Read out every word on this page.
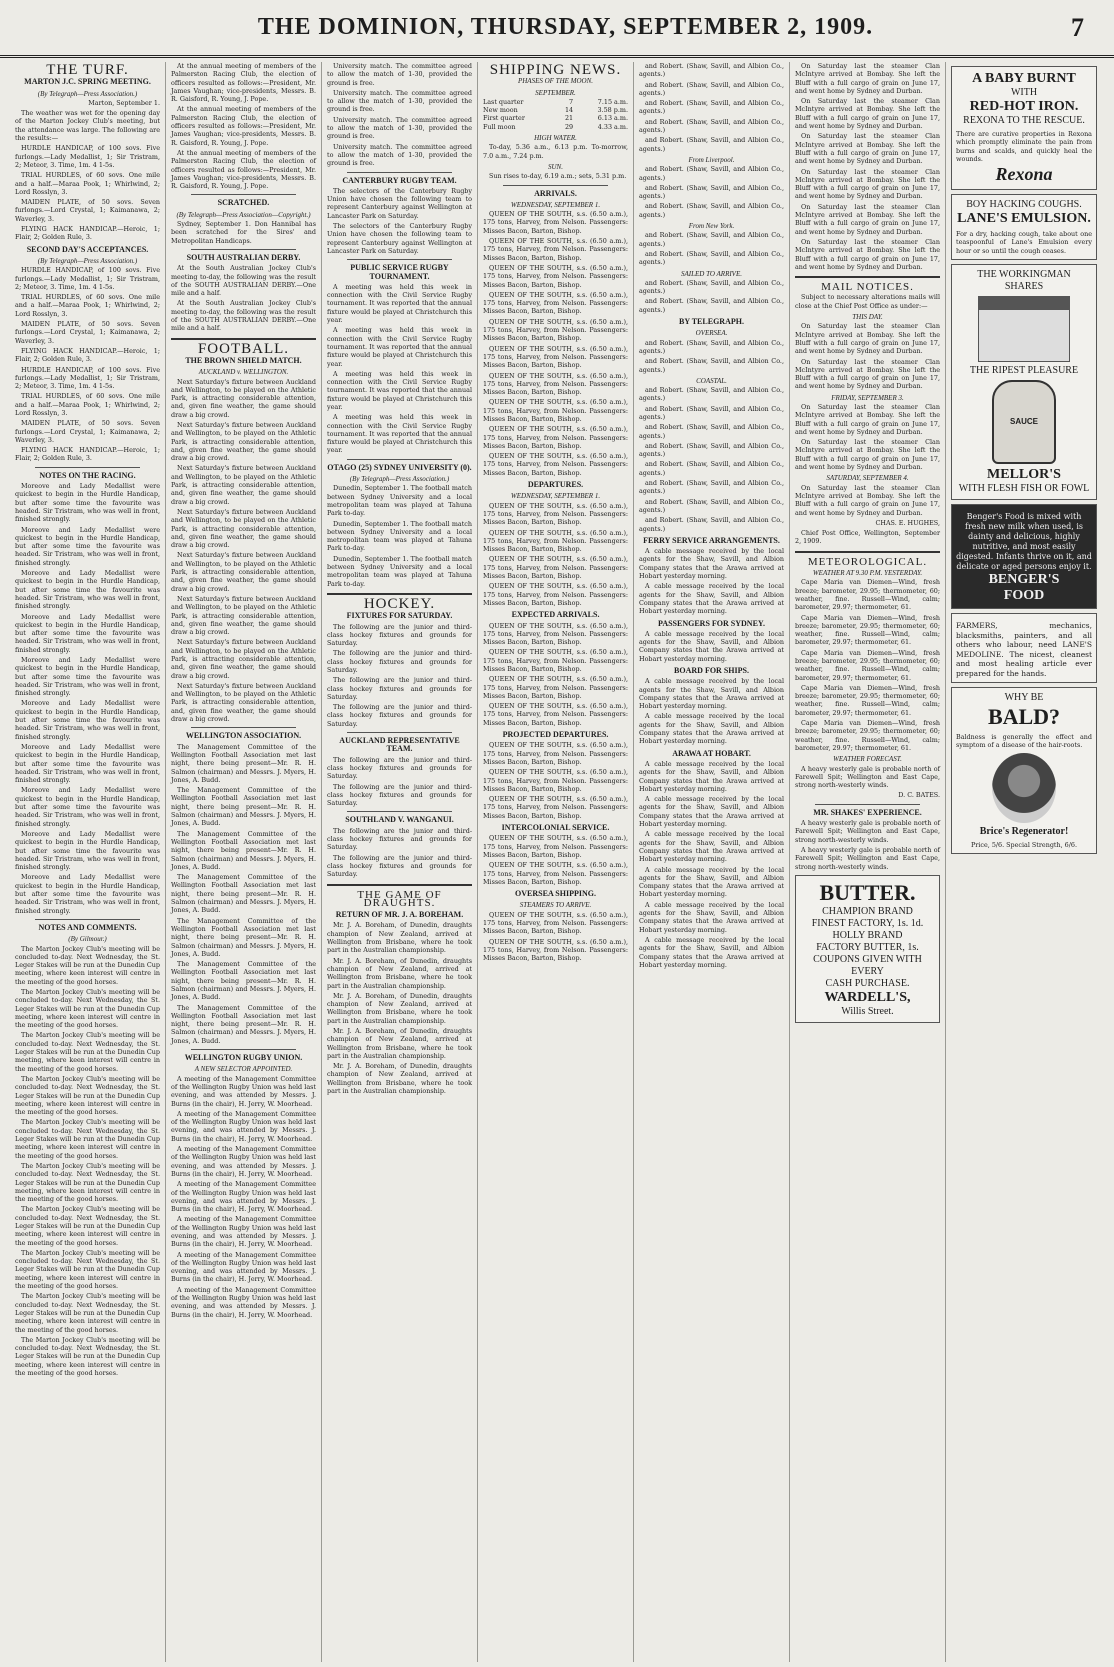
THE DOMINION, THURSDAY, SEPTEMBER 2, 1909.	7
THE TURF.
MARTON J.C. SPRING MEETING.
(By Telegraph—Press Association.)

Marton, September 1.

The weather was wet for the opening day of the Marton Jockey Club's meeting, but the attendance was large. The following are the results:—

HURDLE HANDICAP, of 100 sovs. Five furlongs.—Lady Medallist, 1; Sir Tristram, 2; Meteor, 3. Time, 1m. 4 1-5s.

TRIAL HURDLES, of 60 sovs. One mile and a half.—Maraa Pook, 1; Whirlwind, 2; Lord Rosslyn, 3.

MAIDEN PLATE, of 50 sovs. Seven furlongs.—Lord Crystal, 1; Kaimanawa, 2; Waverley, 3.

FLYING HACK HANDICAP.—Heroic, 1; Flair, 2; Golden Rule, 3.

SECOND DAY'S ACCEPTANCES.
(By Telegraph—Press Association.)

HURDLE HANDICAP, of 100 sovs. Five furlongs.—Lady Medallist, 1; Sir Tristram, 2; Meteor, 3. Time, 1m. 4 1-5s.

TRIAL HURDLES, of 60 sovs. One mile and a half.—Maraa Pook, 1; Whirlwind, 2; Lord Rosslyn, 3.

MAIDEN PLATE, of 50 sovs. Seven furlongs.—Lord Crystal, 1; Kaimanawa, 2; Waverley, 3.

FLYING HACK HANDICAP.—Heroic, 1; Flair, 2; Golden Rule, 3.

HURDLE HANDICAP, of 100 sovs. Five furlongs.—Lady Medallist, 1; Sir Tristram, 2; Meteor, 3. Time, 1m. 4 1-5s.

TRIAL HURDLES, of 60 sovs. One mile and a half.—Maraa Pook, 1; Whirlwind, 2; Lord Rosslyn, 3.

MAIDEN PLATE, of 50 sovs. Seven furlongs.—Lord Crystal, 1; Kaimanawa, 2; Waverley, 3.

FLYING HACK HANDICAP.—Heroic, 1; Flair, 2; Golden Rule, 3.

NOTES ON THE RACING.

Moreove and Lady Medallist were quickest to begin in the Hurdle Handicap, but after some time the favourite was headed. Sir Tristram, who was well in front, finished strongly.

Moreove and Lady Medallist were quickest to begin in the Hurdle Handicap, but after some time the favourite was headed. Sir Tristram, who was well in front, finished strongly.

Moreove and Lady Medallist were quickest to begin in the Hurdle Handicap, but after some time the favourite was headed. Sir Tristram, who was well in front, finished strongly.

Moreove and Lady Medallist were quickest to begin in the Hurdle Handicap, but after some time the favourite was headed. Sir Tristram, who was well in front, finished strongly.

Moreove and Lady Medallist were quickest to begin in the Hurdle Handicap, but after some time the favourite was headed. Sir Tristram, who was well in front, finished strongly.

Moreove and Lady Medallist were quickest to begin in the Hurdle Handicap, but after some time the favourite was headed. Sir Tristram, who was well in front, finished strongly.

Moreove and Lady Medallist were quickest to begin in the Hurdle Handicap, but after some time the favourite was headed. Sir Tristram, who was well in front, finished strongly.

Moreove and Lady Medallist were quickest to begin in the Hurdle Handicap, but after some time the favourite was headed. Sir Tristram, who was well in front, finished strongly.

Moreove and Lady Medallist were quickest to begin in the Hurdle Handicap, but after some time the favourite was headed. Sir Tristram, who was well in front, finished strongly.

Moreove and Lady Medallist were quickest to begin in the Hurdle Handicap, but after some time the favourite was headed. Sir Tristram, who was well in front, finished strongly.

NOTES AND COMMENTS.
(By Gilmour.)

The Marton Jockey Club's meeting will be concluded to-day. Next Wednesday, the St. Leger Stakes will be run at the Dunedin Cup meeting, where keen interest will centre in the meeting of the good horses.

The Marton Jockey Club's meeting will be concluded to-day. Next Wednesday, the St. Leger Stakes will be run at the Dunedin Cup meeting, where keen interest will centre in the meeting of the good horses.

The Marton Jockey Club's meeting will be concluded to-day. Next Wednesday, the St. Leger Stakes will be run at the Dunedin Cup meeting, where keen interest will centre in the meeting of the good horses.

The Marton Jockey Club's meeting will be concluded to-day. Next Wednesday, the St. Leger Stakes will be run at the Dunedin Cup meeting, where keen interest will centre in the meeting of the good horses.

The Marton Jockey Club's meeting will be concluded to-day. Next Wednesday, the St. Leger Stakes will be run at the Dunedin Cup meeting, where keen interest will centre in the meeting of the good horses.

The Marton Jockey Club's meeting will be concluded to-day. Next Wednesday, the St. Leger Stakes will be run at the Dunedin Cup meeting, where keen interest will centre in the meeting of the good horses.

The Marton Jockey Club's meeting will be concluded to-day. Next Wednesday, the St. Leger Stakes will be run at the Dunedin Cup meeting, where keen interest will centre in the meeting of the good horses.

The Marton Jockey Club's meeting will be concluded to-day. Next Wednesday, the St. Leger Stakes will be run at the Dunedin Cup meeting, where keen interest will centre in the meeting of the good horses.

The Marton Jockey Club's meeting will be concluded to-day. Next Wednesday, the St. Leger Stakes will be run at the Dunedin Cup meeting, where keen interest will centre in the meeting of the good horses.

The Marton Jockey Club's meeting will be concluded to-day. Next Wednesday, the St. Leger Stakes will be run at the Dunedin Cup meeting, where keen interest will centre in the meeting of the good horses.

At the annual meeting of members of the Palmerston Racing Club, the election of officers resulted as follows:—President, Mr. James Vaughan; vice-presidents, Messrs. B. R. Gaisford, R. Young, J. Pope.

At the annual meeting of members of the Palmerston Racing Club, the election of officers resulted as follows:—President, Mr. James Vaughan; vice-presidents, Messrs. B. R. Gaisford, R. Young, J. Pope.

At the annual meeting of members of the Palmerston Racing Club, the election of officers resulted as follows:—President, Mr. James Vaughan; vice-presidents, Messrs. B. R. Gaisford, R. Young, J. Pope.

SCRATCHED.
(By Telegraph—Press Association—Copyright.)

Sydney, September 1. Don Hannibal has been scratched for the Sires' and Metropolitan Handicaps.

SOUTH AUSTRALIAN DERBY.

At the South Australian Jockey Club's meeting to-day, the following was the result of the SOUTH AUSTRALIAN DERBY.—One mile and a half.

At the South Australian Jockey Club's meeting to-day, the following was the result of the SOUTH AUSTRALIAN DERBY.—One mile and a half.

FOOTBALL.
THE BROWN SHIELD MATCH.
AUCKLAND v. WELLINGTON.

Next Saturday's fixture between Auckland and Wellington, to be played on the Athletic Park, is attracting considerable attention, and, given fine weather, the game should draw a big crowd.

Next Saturday's fixture between Auckland and Wellington, to be played on the Athletic Park, is attracting considerable attention, and, given fine weather, the game should draw a big crowd.

Next Saturday's fixture between Auckland and Wellington, to be played on the Athletic Park, is attracting considerable attention, and, given fine weather, the game should draw a big crowd.

Next Saturday's fixture between Auckland and Wellington, to be played on the Athletic Park, is attracting considerable attention, and, given fine weather, the game should draw a big crowd.

Next Saturday's fixture between Auckland and Wellington, to be played on the Athletic Park, is attracting considerable attention, and, given fine weather, the game should draw a big crowd.

Next Saturday's fixture between Auckland and Wellington, to be played on the Athletic Park, is attracting considerable attention, and, given fine weather, the game should draw a big crowd.

Next Saturday's fixture between Auckland and Wellington, to be played on the Athletic Park, is attracting considerable attention, and, given fine weather, the game should draw a big crowd.

Next Saturday's fixture between Auckland and Wellington, to be played on the Athletic Park, is attracting considerable attention, and, given fine weather, the game should draw a big crowd.

WELLINGTON ASSOCIATION.

The Management Committee of the Wellington Football Association met last night, there being present—Mr. R. H. Salmon (chairman) and Messrs. J. Myers, H. Jones, A. Budd.

The Management Committee of the Wellington Football Association met last night, there being present—Mr. R. H. Salmon (chairman) and Messrs. J. Myers, H. Jones, A. Budd.

The Management Committee of the Wellington Football Association met last night, there being present—Mr. R. H. Salmon (chairman) and Messrs. J. Myers, H. Jones, A. Budd.

The Management Committee of the Wellington Football Association met last night, there being present—Mr. R. H. Salmon (chairman) and Messrs. J. Myers, H. Jones, A. Budd.

The Management Committee of the Wellington Football Association met last night, there being present—Mr. R. H. Salmon (chairman) and Messrs. J. Myers, H. Jones, A. Budd.

The Management Committee of the Wellington Football Association met last night, there being present—Mr. R. H. Salmon (chairman) and Messrs. J. Myers, H. Jones, A. Budd.

The Management Committee of the Wellington Football Association met last night, there being present—Mr. R. H. Salmon (chairman) and Messrs. J. Myers, H. Jones, A. Budd.

WELLINGTON RUGBY UNION.
A NEW SELECTOR APPOINTED.

A meeting of the Management Committee of the Wellington Rugby Union was held last evening, and was attended by Messrs. J. Burns (in the chair), H. Jerry, W. Moorhead.

A meeting of the Management Committee of the Wellington Rugby Union was held last evening, and was attended by Messrs. J. Burns (in the chair), H. Jerry, W. Moorhead.

A meeting of the Management Committee of the Wellington Rugby Union was held last evening, and was attended by Messrs. J. Burns (in the chair), H. Jerry, W. Moorhead.

A meeting of the Management Committee of the Wellington Rugby Union was held last evening, and was attended by Messrs. J. Burns (in the chair), H. Jerry, W. Moorhead.

A meeting of the Management Committee of the Wellington Rugby Union was held last evening, and was attended by Messrs. J. Burns (in the chair), H. Jerry, W. Moorhead.

A meeting of the Management Committee of the Wellington Rugby Union was held last evening, and was attended by Messrs. J. Burns (in the chair), H. Jerry, W. Moorhead.

A meeting of the Management Committee of the Wellington Rugby Union was held last evening, and was attended by Messrs. J. Burns (in the chair), H. Jerry, W. Moorhead.

University match. The committee agreed to allow the match of 1-30, provided the ground is free.

University match. The committee agreed to allow the match of 1-30, provided the ground is free.

University match. The committee agreed to allow the match of 1-30, provided the ground is free.

University match. The committee agreed to allow the match of 1-30, provided the ground is free.

CANTERBURY RUGBY TEAM.

The selectors of the Canterbury Rugby Union have chosen the following team to represent Canterbury against Wellington at Lancaster Park on Saturday.

The selectors of the Canterbury Rugby Union have chosen the following team to represent Canterbury against Wellington at Lancaster Park on Saturday.

PUBLIC SERVICE RUGBY TOURNAMENT.

A meeting was held this week in connection with the Civil Service Rugby tournament. It was reported that the annual fixture would be played at Christchurch this year.

A meeting was held this week in connection with the Civil Service Rugby tournament. It was reported that the annual fixture would be played at Christchurch this year.

A meeting was held this week in connection with the Civil Service Rugby tournament. It was reported that the annual fixture would be played at Christchurch this year.

A meeting was held this week in connection with the Civil Service Rugby tournament. It was reported that the annual fixture would be played at Christchurch this year.

OTAGO (25) SYDNEY UNIVERSITY (0).
(By Telegraph—Press Association.)

Dunedin, September 1. The football match between Sydney University and a local metropolitan team was played at Tahuna Park to-day.

Dunedin, September 1. The football match between Sydney University and a local metropolitan team was played at Tahuna Park to-day.

Dunedin, September 1. The football match between Sydney University and a local metropolitan team was played at Tahuna Park to-day.

HOCKEY.
FIXTURES FOR SATURDAY.

The following are the junior and third-class hockey fixtures and grounds for Saturday.

The following are the junior and third-class hockey fixtures and grounds for Saturday.

The following are the junior and third-class hockey fixtures and grounds for Saturday.

The following are the junior and third-class hockey fixtures and grounds for Saturday.

AUCKLAND REPRESENTATIVE TEAM.

The following are the junior and third-class hockey fixtures and grounds for Saturday.

The following are the junior and third-class hockey fixtures and grounds for Saturday.

SOUTHLAND V. WANGANUI.

The following are the junior and third-class hockey fixtures and grounds for Saturday.

The following are the junior and third-class hockey fixtures and grounds for Saturday.

THE GAME OF DRAUGHTS.
RETURN OF MR. J. A. BOREHAM.

Mr. J. A. Boreham, of Dunedin, draughts champion of New Zealand, arrived at Wellington from Brisbane, where he took part in the Australian championship.

Mr. J. A. Boreham, of Dunedin, draughts champion of New Zealand, arrived at Wellington from Brisbane, where he took part in the Australian championship.

Mr. J. A. Boreham, of Dunedin, draughts champion of New Zealand, arrived at Wellington from Brisbane, where he took part in the Australian championship.

Mr. J. A. Boreham, of Dunedin, draughts champion of New Zealand, arrived at Wellington from Brisbane, where he took part in the Australian championship.

Mr. J. A. Boreham, of Dunedin, draughts champion of New Zealand, arrived at Wellington from Brisbane, where he took part in the Australian championship.

SHIPPING NEWS.
PHASES OF THE MOON.
SEPTEMBER.
Last quarter	7	7.15 a.m.
New moon	14	3.58 p.m.
First quarter	21	6.13 a.m.
Full moon	29	4.33 a.m.
HIGH WATER.

To-day, 5.36 a.m., 6.13 p.m. To-morrow, 7.0 a.m., 7.24 p.m.

SUN.

Sun rises to-day, 6.19 a.m.; sets, 5.31 p.m.

ARRIVALS.
WEDNESDAY, SEPTEMBER 1.

QUEEN OF THE SOUTH, s.s. (6.50 a.m.), 175 tons, Harvey, from Nelson. Passengers: Misses Bacon, Barton, Bishop.

QUEEN OF THE SOUTH, s.s. (6.50 a.m.), 175 tons, Harvey, from Nelson. Passengers: Misses Bacon, Barton, Bishop.

QUEEN OF THE SOUTH, s.s. (6.50 a.m.), 175 tons, Harvey, from Nelson. Passengers: Misses Bacon, Barton, Bishop.

QUEEN OF THE SOUTH, s.s. (6.50 a.m.), 175 tons, Harvey, from Nelson. Passengers: Misses Bacon, Barton, Bishop.

QUEEN OF THE SOUTH, s.s. (6.50 a.m.), 175 tons, Harvey, from Nelson. Passengers: Misses Bacon, Barton, Bishop.

QUEEN OF THE SOUTH, s.s. (6.50 a.m.), 175 tons, Harvey, from Nelson. Passengers: Misses Bacon, Barton, Bishop.

QUEEN OF THE SOUTH, s.s. (6.50 a.m.), 175 tons, Harvey, from Nelson. Passengers: Misses Bacon, Barton, Bishop.

QUEEN OF THE SOUTH, s.s. (6.50 a.m.), 175 tons, Harvey, from Nelson. Passengers: Misses Bacon, Barton, Bishop.

QUEEN OF THE SOUTH, s.s. (6.50 a.m.), 175 tons, Harvey, from Nelson. Passengers: Misses Bacon, Barton, Bishop.

QUEEN OF THE SOUTH, s.s. (6.50 a.m.), 175 tons, Harvey, from Nelson. Passengers: Misses Bacon, Barton, Bishop.

DEPARTURES.
WEDNESDAY, SEPTEMBER 1.

QUEEN OF THE SOUTH, s.s. (6.50 a.m.), 175 tons, Harvey, from Nelson. Passengers: Misses Bacon, Barton, Bishop.

QUEEN OF THE SOUTH, s.s. (6.50 a.m.), 175 tons, Harvey, from Nelson. Passengers: Misses Bacon, Barton, Bishop.

QUEEN OF THE SOUTH, s.s. (6.50 a.m.), 175 tons, Harvey, from Nelson. Passengers: Misses Bacon, Barton, Bishop.

QUEEN OF THE SOUTH, s.s. (6.50 a.m.), 175 tons, Harvey, from Nelson. Passengers: Misses Bacon, Barton, Bishop.

EXPECTED ARRIVALS.

QUEEN OF THE SOUTH, s.s. (6.50 a.m.), 175 tons, Harvey, from Nelson. Passengers: Misses Bacon, Barton, Bishop.

QUEEN OF THE SOUTH, s.s. (6.50 a.m.), 175 tons, Harvey, from Nelson. Passengers: Misses Bacon, Barton, Bishop.

QUEEN OF THE SOUTH, s.s. (6.50 a.m.), 175 tons, Harvey, from Nelson. Passengers: Misses Bacon, Barton, Bishop.

QUEEN OF THE SOUTH, s.s. (6.50 a.m.), 175 tons, Harvey, from Nelson. Passengers: Misses Bacon, Barton, Bishop.

PROJECTED DEPARTURES.

QUEEN OF THE SOUTH, s.s. (6.50 a.m.), 175 tons, Harvey, from Nelson. Passengers: Misses Bacon, Barton, Bishop.

QUEEN OF THE SOUTH, s.s. (6.50 a.m.), 175 tons, Harvey, from Nelson. Passengers: Misses Bacon, Barton, Bishop.

QUEEN OF THE SOUTH, s.s. (6.50 a.m.), 175 tons, Harvey, from Nelson. Passengers: Misses Bacon, Barton, Bishop.

INTERCOLONIAL SERVICE.

QUEEN OF THE SOUTH, s.s. (6.50 a.m.), 175 tons, Harvey, from Nelson. Passengers: Misses Bacon, Barton, Bishop.

QUEEN OF THE SOUTH, s.s. (6.50 a.m.), 175 tons, Harvey, from Nelson. Passengers: Misses Bacon, Barton, Bishop.

OVERSEA SHIPPING.
STEAMERS TO ARRIVE.

QUEEN OF THE SOUTH, s.s. (6.50 a.m.), 175 tons, Harvey, from Nelson. Passengers: Misses Bacon, Barton, Bishop.

QUEEN OF THE SOUTH, s.s. (6.50 a.m.), 175 tons, Harvey, from Nelson. Passengers: Misses Bacon, Barton, Bishop.

and Robert. (Shaw, Savill, and Albion Co., agents.)

and Robert. (Shaw, Savill, and Albion Co., agents.)

and Robert. (Shaw, Savill, and Albion Co., agents.)

and Robert. (Shaw, Savill, and Albion Co., agents.)

and Robert. (Shaw, Savill, and Albion Co., agents.)

From Liverpool.

and Robert. (Shaw, Savill, and Albion Co., agents.)

and Robert. (Shaw, Savill, and Albion Co., agents.)

and Robert. (Shaw, Savill, and Albion Co., agents.)

From New York.

and Robert. (Shaw, Savill, and Albion Co., agents.)

and Robert. (Shaw, Savill, and Albion Co., agents.)

SAILED TO ARRIVE.

and Robert. (Shaw, Savill, and Albion Co., agents.)

and Robert. (Shaw, Savill, and Albion Co., agents.)

BY TELEGRAPH.
OVERSEA.

and Robert. (Shaw, Savill, and Albion Co., agents.)

and Robert. (Shaw, Savill, and Albion Co., agents.)

COASTAL.

and Robert. (Shaw, Savill, and Albion Co., agents.)

and Robert. (Shaw, Savill, and Albion Co., agents.)

and Robert. (Shaw, Savill, and Albion Co., agents.)

and Robert. (Shaw, Savill, and Albion Co., agents.)

and Robert. (Shaw, Savill, and Albion Co., agents.)

and Robert. (Shaw, Savill, and Albion Co., agents.)

and Robert. (Shaw, Savill, and Albion Co., agents.)

and Robert. (Shaw, Savill, and Albion Co., agents.)

FERRY SERVICE ARRANGEMENTS.

A cable message received by the local agents for the Shaw, Savill, and Albion Company states that the Arawa arrived at Hobart yesterday morning.

A cable message received by the local agents for the Shaw, Savill, and Albion Company states that the Arawa arrived at Hobart yesterday morning.

PASSENGERS FOR SYDNEY.

A cable message received by the local agents for the Shaw, Savill, and Albion Company states that the Arawa arrived at Hobart yesterday morning.

BOARD FOR SHIPS.

A cable message received by the local agents for the Shaw, Savill, and Albion Company states that the Arawa arrived at Hobart yesterday morning.

A cable message received by the local agents for the Shaw, Savill, and Albion Company states that the Arawa arrived at Hobart yesterday morning.

ARAWA AT HOBART.

A cable message received by the local agents for the Shaw, Savill, and Albion Company states that the Arawa arrived at Hobart yesterday morning.

A cable message received by the local agents for the Shaw, Savill, and Albion Company states that the Arawa arrived at Hobart yesterday morning.

A cable message received by the local agents for the Shaw, Savill, and Albion Company states that the Arawa arrived at Hobart yesterday morning.

A cable message received by the local agents for the Shaw, Savill, and Albion Company states that the Arawa arrived at Hobart yesterday morning.

A cable message received by the local agents for the Shaw, Savill, and Albion Company states that the Arawa arrived at Hobart yesterday morning.

A cable message received by the local agents for the Shaw, Savill, and Albion Company states that the Arawa arrived at Hobart yesterday morning.

On Saturday last the steamer Clan McIntyre arrived at Bombay. She left the Bluff with a full cargo of grain on June 17, and went home by Sydney and Durban.

On Saturday last the steamer Clan McIntyre arrived at Bombay. She left the Bluff with a full cargo of grain on June 17, and went home by Sydney and Durban.

On Saturday last the steamer Clan McIntyre arrived at Bombay. She left the Bluff with a full cargo of grain on June 17, and went home by Sydney and Durban.

On Saturday last the steamer Clan McIntyre arrived at Bombay. She left the Bluff with a full cargo of grain on June 17, and went home by Sydney and Durban.

On Saturday last the steamer Clan McIntyre arrived at Bombay. She left the Bluff with a full cargo of grain on June 17, and went home by Sydney and Durban.

On Saturday last the steamer Clan McIntyre arrived at Bombay. She left the Bluff with a full cargo of grain on June 17, and went home by Sydney and Durban.

MAIL NOTICES.

Subject to necessary alterations mails will close at the Chief Post Office as under:—

THIS DAY.

On Saturday last the steamer Clan McIntyre arrived at Bombay. She left the Bluff with a full cargo of grain on June 17, and went home by Sydney and Durban.

On Saturday last the steamer Clan McIntyre arrived at Bombay. She left the Bluff with a full cargo of grain on June 17, and went home by Sydney and Durban.

FRIDAY, SEPTEMBER 3.

On Saturday last the steamer Clan McIntyre arrived at Bombay. She left the Bluff with a full cargo of grain on June 17, and went home by Sydney and Durban.

On Saturday last the steamer Clan McIntyre arrived at Bombay. She left the Bluff with a full cargo of grain on June 17, and went home by Sydney and Durban.

SATURDAY, SEPTEMBER 4.

On Saturday last the steamer Clan McIntyre arrived at Bombay. She left the Bluff with a full cargo of grain on June 17, and went home by Sydney and Durban.

CHAS. E. HUGHES,

Chief Post Office, Wellington, September 2, 1909.

METEOROLOGICAL.
WEATHER AT 9.30 P.M. YESTERDAY.

Cape Maria van Diemen—Wind, fresh breeze; barometer, 29.95; thermometer, 60; weather, fine. Russell—Wind, calm; barometer, 29.97; thermometer, 61.

Cape Maria van Diemen—Wind, fresh breeze; barometer, 29.95; thermometer, 60; weather, fine. Russell—Wind, calm; barometer, 29.97; thermometer, 61.

Cape Maria van Diemen—Wind, fresh breeze; barometer, 29.95; thermometer, 60; weather, fine. Russell—Wind, calm; barometer, 29.97; thermometer, 61.

Cape Maria van Diemen—Wind, fresh breeze; barometer, 29.95; thermometer, 60; weather, fine. Russell—Wind, calm; barometer, 29.97; thermometer, 61.

Cape Maria van Diemen—Wind, fresh breeze; barometer, 29.95; thermometer, 60; weather, fine. Russell—Wind, calm; barometer, 29.97; thermometer, 61.

WEATHER FORECAST.

A heavy westerly gale is probable north of Farewell Spit; Wellington and East Cape, strong north-westerly winds.

D. C. BATES.

MR. SHAKES' EXPERIENCE.

A heavy westerly gale is probable north of Farewell Spit; Wellington and East Cape, strong north-westerly winds.

A heavy westerly gale is probable north of Farewell Spit; Wellington and East Cape, strong north-westerly winds.

BUTTER.
CHAMPION BRAND
FINEST FACTORY, 1s. 1d.
HOLLY BRAND
FACTORY BUTTER, 1s.
COUPONS GIVEN WITH EVERY
CASH PURCHASE.
WARDELL'S,
Willis Street.
A BABY BURNT
WITH
RED-HOT IRON.
REXONA TO THE RESCUE.
There are curative properties in Rexona which promptly eliminate the pain from burns and scalds, and quickly heal the wounds.
Rexona
BOY HACKING COUGHS.
LANE'S EMULSION.
For a dry, hacking cough, take about one teaspoonful of Lane's Emulsion every hour or so until the cough ceases.
THE WORKINGMAN
SHARES
THE RIPEST PLEASURE
SAUCE
MELLOR'S
WITH FLESH FISH OR FOWL
Benger's Food is mixed with fresh new milk when used, is dainty and delicious, highly nutritive, and most easily digested. Infants thrive on it, and delicate or aged persons enjoy it.
BENGER'S
FOOD
FARMERS, mechanics, blacksmiths, painters, and all others who labour, need LANE'S MEDOLINE. The nicest, cleanest and most healing article ever prepared for the hands.
WHY BE
BALD?
Baldness is generally the effect and symptom of a disease of the hair-roots.
Brice's Regenerator!
Price, 5/6. Special Strength, 6/6.
